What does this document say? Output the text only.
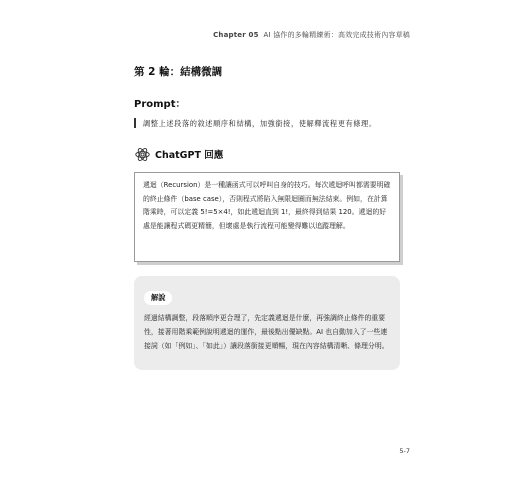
Chapter 05 AI 協作的多輪精練術：高效完成技術內容草稿
第 2 輪：結構微調
Prompt：
調整上述段落的敘述順序和結構，加強銜接，使解釋流程更有條理。
ChatGPT 回應

遞迴（Recursion）是一種讓函式可以呼叫自身的技巧。每次遞迴呼叫都需要明確的終止條件（base case），否則程式將陷入無限迴圈而無法結束。例如，在計算階乘時，可以定義 5!=5×4!，如此遞迴直到 1!，最終得到結果 120。遞迴的好處是能讓程式碼更精簡，但壞處是執行流程可能變得難以追蹤理解。

解說

經過結構調整，段落順序更合理了，先定義遞迴是什麼，再強調終止條件的重要性，接著用階乘範例說明遞迴的運作，最後點出優缺點。AI 也自動加入了一些連接詞（如「例如」、「如此」）讓段落銜接更順暢，現在內容結構清晰、條理分明。

5-7
